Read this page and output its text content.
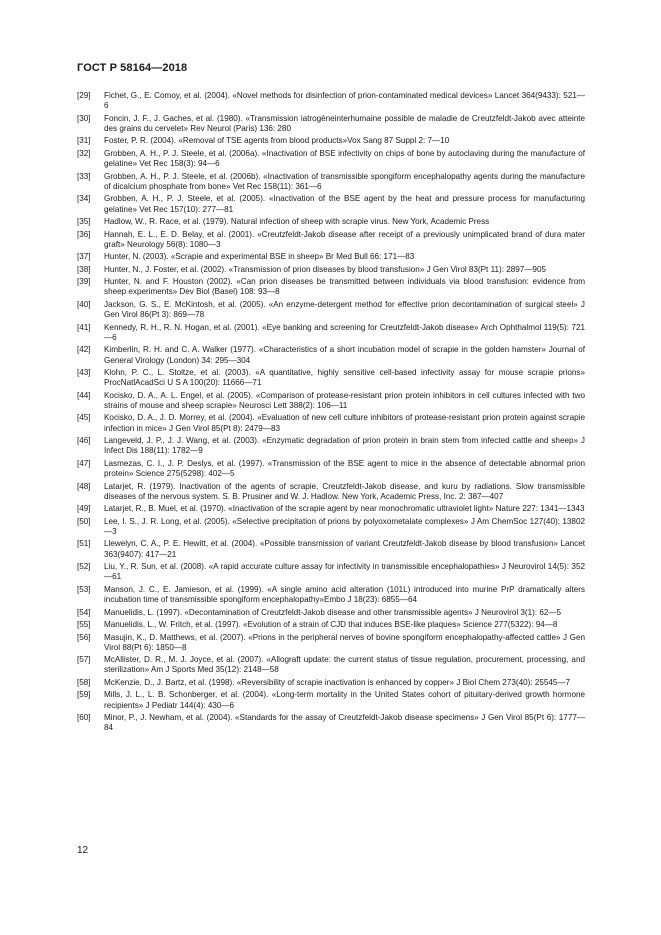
ГОСТ Р 58164—2018
[29]	Fichet, G., E. Comoy, et al. (2004). «Novel methods for disinfection of prion-contaminated medical devices» Lancet 364(9433): 521—6
[30]	Foncin, J. F., J. Gaches, et al. (1980). «Transmission iatrogèneinterhumaine possible de maladie de Creutzfeldt-Jakob avec atteinte des grains du cervelet» Rev Neurol (Paris) 136: 280
[31]	Foster, P. R. (2004). «Removal of TSE agents from blood products»Vox Sang 87 Suppl 2: 7—10
[32]	Grobben, A. H., P. J. Steele, et al. (2006a). «Inactivation of BSE infectivity on chips of bone by autoclaving during the manufacture of gelatine» Vet Rec 158(3): 94—6
[33]	Grobben, A. H., P. J. Steele, et al. (2006b). «Inactivation of transmissible spongiform encephalopathy agents during the manufacture of dicalcium phosphate from bone» Vet Rec 158(11): 361—6
[34]	Grobben, A. H., P. J. Steele, et al. (2005). «Inactivation of the BSE agent by the heat and pressure process for manufacturing gelatine» Vet Rec 157(10): 277—81
[35]	Hadlow, W., R. Race, et al. (1979). Natural infection of sheep with scrapie virus. New York, Academic Press
[36]	Hannah, E. L., E. D. Belay, et al. (2001). «Creutzfeldt-Jakob disease after receipt of a previously unimplicated brand of dura mater graft» Neurology 56(8): 1080—3
[37]	Hunter, N. (2003). «Scrapie and experimental BSE in sheep» Br Med Bull 66: 171—83
[38]	Hunter, N., J. Foster, et al. (2002). «Transmission of prion diseases by blood transfusion» J Gen Virol 83(Pt 11): 2897—905
[39]	Hunter, N. and F. Houston (2002). «Can prion diseases be transmitted between individuals via blood transfusion: evidence from sheep experiments» Dev Biol (Basel) 108: 93—8
[40]	Jackson, G. S., E. McKintosh, et al. (2005). «An enzyme-detergent method for effective prion decontamination of surgical steel» J Gen Virol 86(Pt 3): 869—78
[41]	Kennedy, R. H., R. N. Hogan, et al. (2001). «Eye banking and screening for Creutzfeldt-Jakob disease» Arch Ophthalmol 119(5): 721—6
[42]	Kimberlin, R. H. and C. A. Walker (1977). «Characteristics of a short incubation model of scrapie in the golden hamster» Journal of General Virology (London) 34: 295—304
[43]	Klohn, P. C., L. Stoltze, et al. (2003). «A quantitative, highly sensitive cell-based infectivity assay for mouse scrapie prions» ProcNatlAcadSci U S A 100(20): 11666—71
[44]	Kocisko, D. A., A. L. Engel, et al. (2005). «Comparison of protease-resistant prion protein inhibitors in cell cultures infected with two strains of mouse and sheep scrapie» Neurosci Lett 388(2): 106—11
[45]	Kocisko, D. A., J. D. Morrey, et al. (2004). «Evaluation of new cell culture inhibitors of protease-resistant prion protein against scrapie infection in mice» J Gen Virol 85(Pt 8): 2479—83
[46]	Langeveld, J. P., J. J. Wang, et al. (2003). «Enzymatic degradation of prion protein in brain stem from infected cattle and sheep» J Infect Dis 188(11): 1782—9
[47]	Lasmezas, C. I., J. P. Deslys, et al. (1997). «Transmission of the BSE agent to mice in the absence of detectable abnormal prion protein» Science 275(5298): 402—5
[48]	Latarjet, R. (1979). Inactivation of the agents of scrapie, Creutzfeldt-Jakob disease, and kuru by radiations. Slow transmissible diseases of the nervous system. S. B. Prusiner and W. J. Hadlow. New York, Academic Press, Inc. 2: 387—407
[49]	Latarjet, R., B. Muel, et al. (1970). «Inactivation of the scrapie agent by near monochromatic ultraviolet light» Nature 227: 1341—1343
[50]	Lee, I. S., J. R. Long, et al. (2005). «Selective precipitation of prions by polyoxometalate complexes» J Am ChemSoc 127(40): 13802—3
[51]	Llewelyn, C. A., P. E. Hewitt, et al. (2004). «Possible transmission of variant Creutzfeldt-Jakob disease by blood transfusion» Lancet 363(9407): 417—21
[52]	Liu, Y., R. Sun, et al. (2008). «A rapid accurate culture assay for infectivity in transmissible encephalopathies» J Neurovirol 14(5): 352—61
[53]	Manson, J. C., E. Jamieson, et al. (1999). «A single amino acid alteration (101L) introduced into murine PrP dramatically alters incubation time of transmissible spongiform encephalopathy»Embo J 18(23): 6855—64
[54]	Manuelidis, L. (1997). «Decontamination of Creutzfeldt-Jakob disease and other transmissible agents» J Neurovirol 3(1): 62—5
[55]	Manuelidis, L., W. Fritch, et al. (1997). «Evolution of a strain of CJD that induces BSE-like plaques» Science 277(5322): 94—8
[56]	Masujin, K., D. Matthews, et al. (2007). «Prions in the peripheral nerves of bovine spongiform encephalopathy-affected cattle» J Gen Virol 88(Pt 6): 1850—8
[57]	McAllister, D. R., M. J. Joyce, et al. (2007). «Allograft update: the current status of tissue regulation, procurement, processing, and sterilization» Am J Sports Med 35(12): 2148—58
[58]	McKenzie, D., J. Bartz, et al. (1998). «Reversibility of scrapie inactivation is enhanced by copper» J Biol Chem 273(40): 25545—7
[59]	Mills, J. L., L. B. Schonberger, et al. (2004). «Long-term mortality in the United States cohort of pituitary-derived growth hormone recipients» J Pediatr 144(4): 430—6
[60]	Minor, P., J. Newham, et al. (2004). «Standards for the assay of Creutzfeldt-Jakob disease specimens» J Gen Virol 85(Pt 6): 1777—84
12
